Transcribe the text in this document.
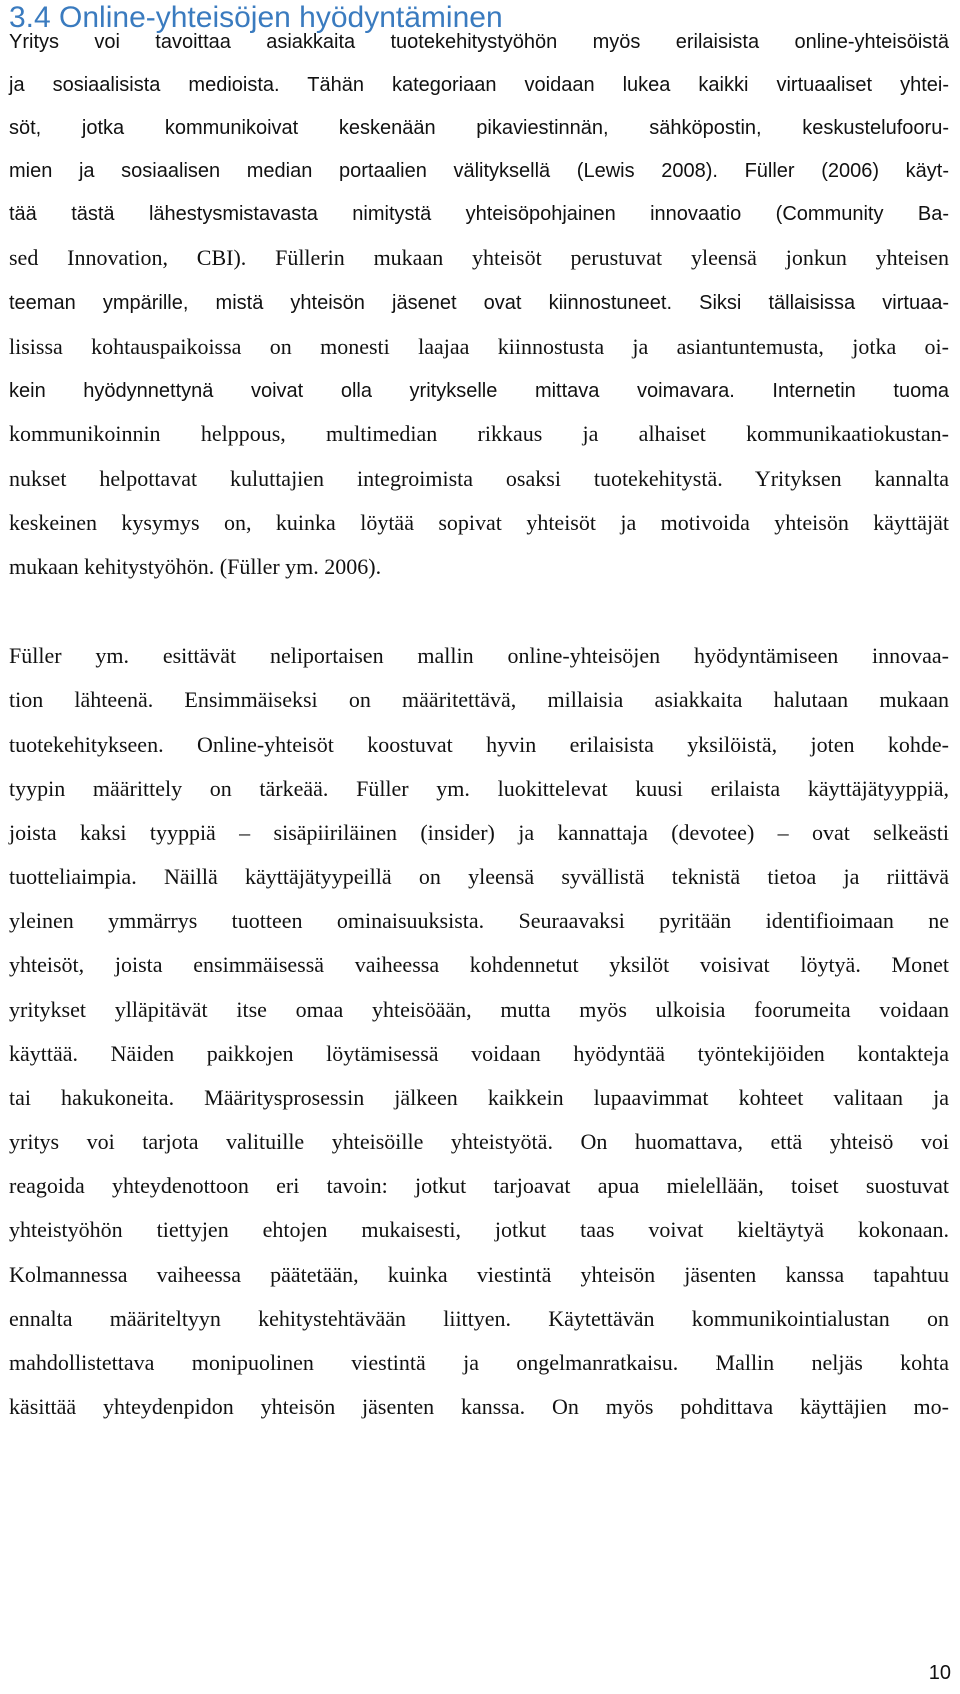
3.4 Online-yhteisöjen hyödyntäminen
Yritys voi tavoittaa asiakkaita tuotekehitystyöhön myös erilaisista online-yhteisöistä
ja sosiaalisista medioista. Tähän kategoriaan voidaan lukea kaikki virtuaaliset yhtei-
söt, jotka kommunikoivat keskenään pikaviestinnän, sähköpostin, keskustelufooru-
mien ja sosiaalisen median portaalien välityksellä (Lewis 2008). Füller (2006) käyt-
tää tästä lähestysmistavasta nimitystä yhteisöpohjainen innovaatio (Community Ba-
sed Innovation, CBI). Füllerin mukaan yhteisöt perustuvat yleensä jonkun yhteisen
teeman ympärille, mistä yhteisön jäsenet ovat kiinnostuneet. Siksi tällaisissa virtuaa-
lisissa kohtauspaikoissa on monesti laajaa kiinnostusta ja asiantuntemusta, jotka oi-
kein hyödynnettynä voivat olla yritykselle mittava voimavara. Internetin tuoma
kommunikoinnin helppous, multimedian rikkaus ja alhaiset kommunikaatiokustan-
nukset helpottavat kuluttajien integroimista osaksi tuotekehitystä. Yrityksen kannalta
keskeinen kysymys on, kuinka löytää sopivat yhteisöt ja motivoida yhteisön käyttäjät
mukaan kehitystyöhön. (Füller ym. 2006).
Füller ym. esittävät neliportaisen mallin online-yhteisöjen hyödyntämiseen innovaa-
tion lähteenä. Ensimmäiseksi on määritettävä, millaisia asiakkaita halutaan mukaan
tuotekehitykseen. Online-yhteisöt koostuvat hyvin erilaisista yksilöistä, joten kohde-
tyypin määrittely on tärkeää. Füller ym. luokittelevat kuusi erilaista käyttäjätyyppiä,
joista kaksi tyyppiä – sisäpiiriläinen (insider) ja kannattaja (devotee) – ovat selkeästi
tuotteliaimpia. Näillä käyttäjätyypeillä on yleensä syvällistä teknistä tietoa ja riittävä
yleinen ymmärrys tuotteen ominaisuuksista. Seuraavaksi pyritään identifioimaan ne
yhteisöt, joista ensimmäisessä vaiheessa kohdennetut yksilöt voisivat löytyä. Monet
yritykset ylläpitävät itse omaa yhteisöään, mutta myös ulkoisia foorumeita voidaan
käyttää. Näiden paikkojen löytämisessä voidaan hyödyntää työntekijöiden kontakteja
tai hakukoneita. Määritysprosessin jälkeen kaikkein lupaavimmat kohteet valitaan ja
yritys voi tarjota valituille yhteisöille yhteistyötä. On huomattava, että yhteisö voi
reagoida yhteydenottoon eri tavoin: jotkut tarjoavat apua mielellään, toiset suostuvat
yhteistyöhön tiettyjen ehtojen mukaisesti, jotkut taas voivat kieltäytyä kokonaan.
Kolmannessa vaiheessa päätetään, kuinka viestintä yhteisön jäsenten kanssa tapahtuu
ennalta määriteltyyn kehitystehtävään liittyen. Käytettävän kommunikointialustan on
mahdollistettava monipuolinen viestintä ja ongelmanratkaisu. Mallin neljäs kohta
käsittää yhteydenpidon yhteisön jäsenten kanssa. On myös pohdittava käyttäjien mo-
10
